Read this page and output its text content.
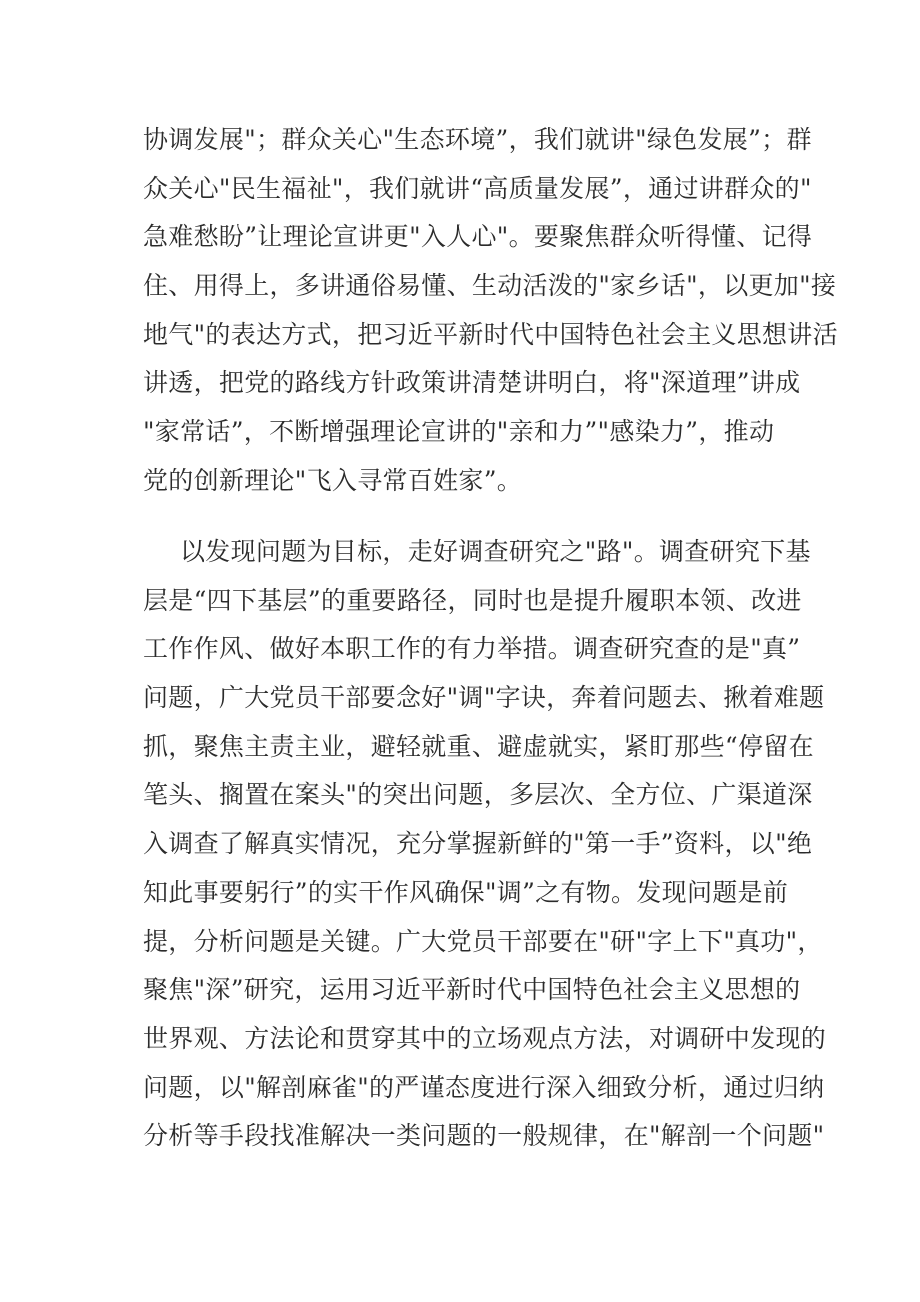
协调发展"；群众关心"生态环境”，我们就讲"绿色发展”；群
众关心"民生福祉"，我们就讲“高质量发展”，通过讲群众的"
急难愁盼”让理论宣讲更"入人心"。要聚焦群众听得懂、记得
住、用得上，多讲通俗易懂、生动活泼的"家乡话"，以更加"接
地气"的表达方式，把习近平新时代中国特色社会主义思想讲活
讲透，把党的路线方针政策讲清楚讲明白，将"深道理”讲成
"家常话”，不断增强理论宣讲的"亲和力”"感染力”，推动
党的创新理论"飞入寻常百姓家”。
以发现问题为目标，走好调查研究之"路"。调查研究下基
层是“四下基层”的重要路径，同时也是提升履职本领、改进
工作作风、做好本职工作的有力举措。调查研究查的是"真”
问题，广大党员干部要念好"调"字诀，奔着问题去、揪着难题
抓，聚焦主责主业，避轻就重、避虚就实，紧盯那些“停留在
笔头、搁置在案头"的突出问题，多层次、全方位、广渠道深
入调查了解真实情况，充分掌握新鲜的"第一手”资料，以"绝
知此事要躬行”的实干作风确保"调”之有物。发现问题是前
提，分析问题是关键。广大党员干部要在"研"字上下"真功"，
聚焦"深”研究，运用习近平新时代中国特色社会主义思想的
世界观、方法论和贯穿其中的立场观点方法，对调研中发现的
问题，以"解剖麻雀"的严谨态度进行深入细致分析，通过归纳
分析等手段找准解决一类问题的一般规律，在"解剖一个问题"
